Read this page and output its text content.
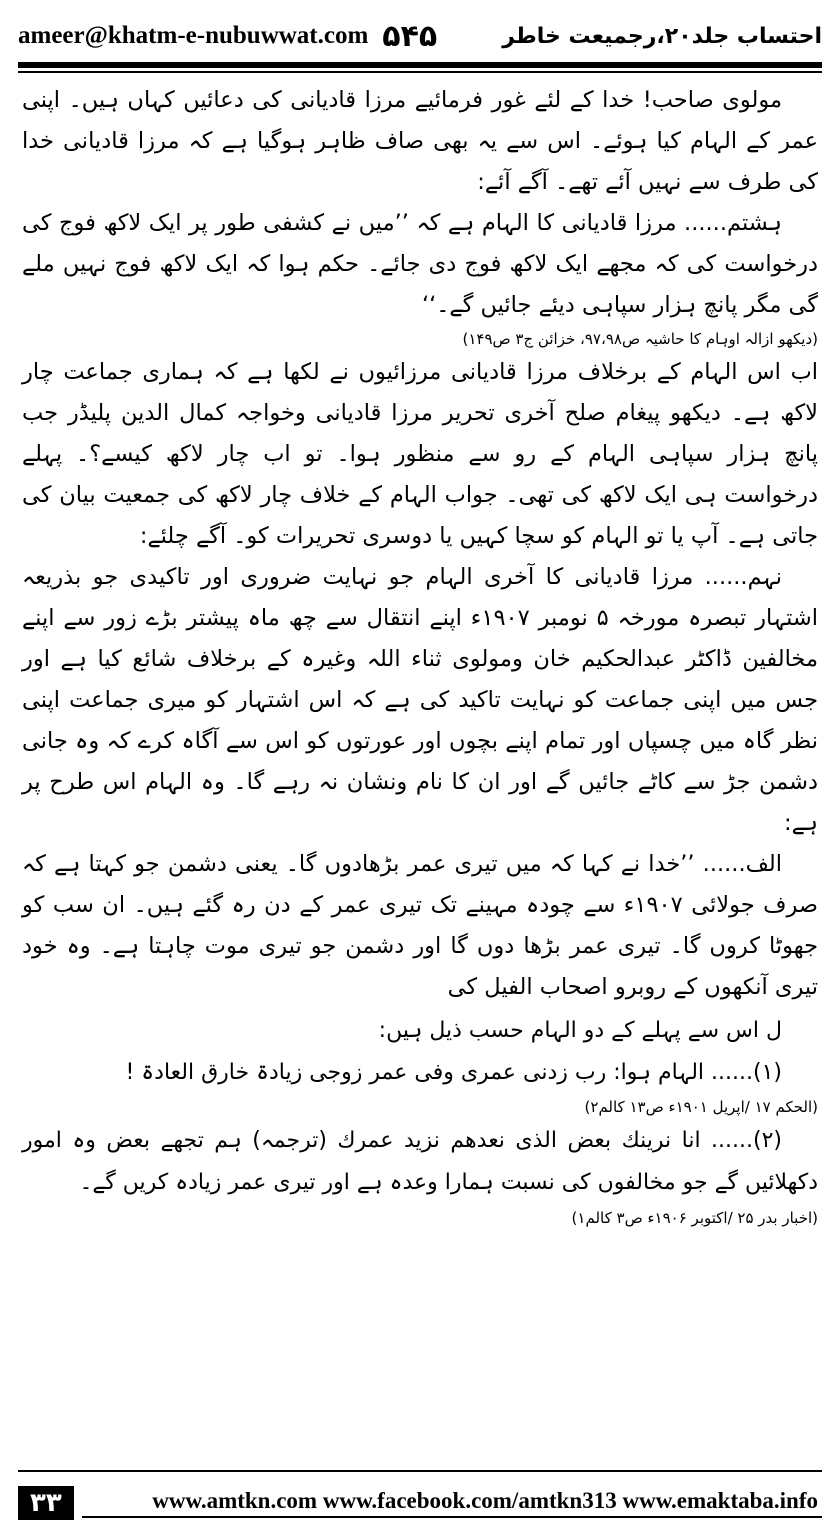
ameer@khatm-e-nubuwwat.com ۵۴۵	احتساب جلد۲۰،رجمیعت خاطر

مولوی صاحب! خدا کے لئے غور فرمائیے مرزا قادیانی کی دعائیں کہاں ہیں۔ اپنی عمر کے الہام کیا ہوئے۔ اس سے یہ بھی صاف ظاہر ہوگیا ہے کہ مرزا قادیانی خدا کی طرف سے نہیں آئے تھے۔ آگے آئے:

ہشتم...... مرزا قادیانی کا الہام ہے کہ ’’میں نے کشفی طور پر ایک لاکھ فوج کی درخواست کی کہ مجھے ایک لاکھ فوج دی جائے۔ حکم ہوا کہ ایک لاکھ فوج نہیں ملے گی مگر پانچ ہزار سپاہی دیئے جائیں گے۔‘‘

(دیکھو ازالہ اوہام کا حاشیہ ص۹۷،۹۸، خزائن ج۳ ص۱۴۹)

اب اس الہام کے برخلاف مرزا قادیانی مرزائیوں نے لکھا ہے کہ ہماری جماعت چار لاکھ ہے۔ دیکھو پیغام صلح آخری تحریر مرزا قادیانی وخواجہ کمال الدین پلیڈر جب پانچ ہزار سپاہی الہام کے رو سے منظور ہوا۔ تو اب چار لاکھ کیسے؟۔ پہلے درخواست ہی ایک لاکھ کی تھی۔ جواب الہام کے خلاف چار لاکھ کی جمعیت بیان کی جاتی ہے۔ آپ یا تو الہام کو سچا کہیں یا دوسری تحریرات کو۔ آگے چلئے:

نہم...... مرزا قادیانی کا آخری الہام جو نہایت ضروری اور تاکیدی جو بذریعہ اشتہار تبصرہ مورخہ ۵ نومبر ۱۹۰۷ء اپنے انتقال سے چھ ماہ پیشتر بڑے زور سے اپنے مخالفین ڈاکٹر عبدالحکیم خان ومولوی ثناء اللہ وغیرہ کے برخلاف شائع کیا ہے اور جس میں اپنی جماعت کو نہایت تاکید کی ہے کہ اس اشتہار کو میری جماعت اپنی نظر گاہ میں چسپاں اور تمام اپنے بچوں اور عورتوں کو اس سے آگاہ کرے کہ وہ جانی دشمن جڑ سے کاٹے جائیں گے اور ان کا نام ونشان نہ رہے گا۔ وہ الہام اس طرح پر ہے:

الف...... ’’خدا نے کہا کہ میں تیری عمر بڑھادوں گا۔ یعنی دشمن جو کہتا ہے کہ صرف جولائی ۱۹۰۷ء سے چودہ مہینے تک تیری عمر کے دن رہ گئے ہیں۔ ان سب کو جھوٹا کروں گا۔ تیری عمر بڑھا دوں گا اور دشمن جو تیری موت چاہتا ہے۔ وہ خود تیری آنکھوں کے روبرو اصحاب الفیل کی

ل اس سے پہلے کے دو الہام حسب ذیل ہیں:

(۱)...... الہام ہوا: رب زدنی عمری وفی عمر زوجی زیادۃ خارق العادۃ !

(الحکم ۱۷ /اپریل ۱۹۰۱ء ص۱۳ کالم۲)

(۲)...... انا نرینك بعض الذی نعدهم نزید عمرك (ترجمہ) ہم تجھے بعض وہ امور دکھلائیں گے جو مخالفوں کی نسبت ہمارا وعدہ ہے اور تیری عمر زیادہ کریں گے۔

(اخبار بدر ۲۵ /اکتوبر ۱۹۰۶ء ص۳ کالم۱)

۳۳	www.amtkn.com www.facebook.com/amtkn313 www.emaktaba.info
